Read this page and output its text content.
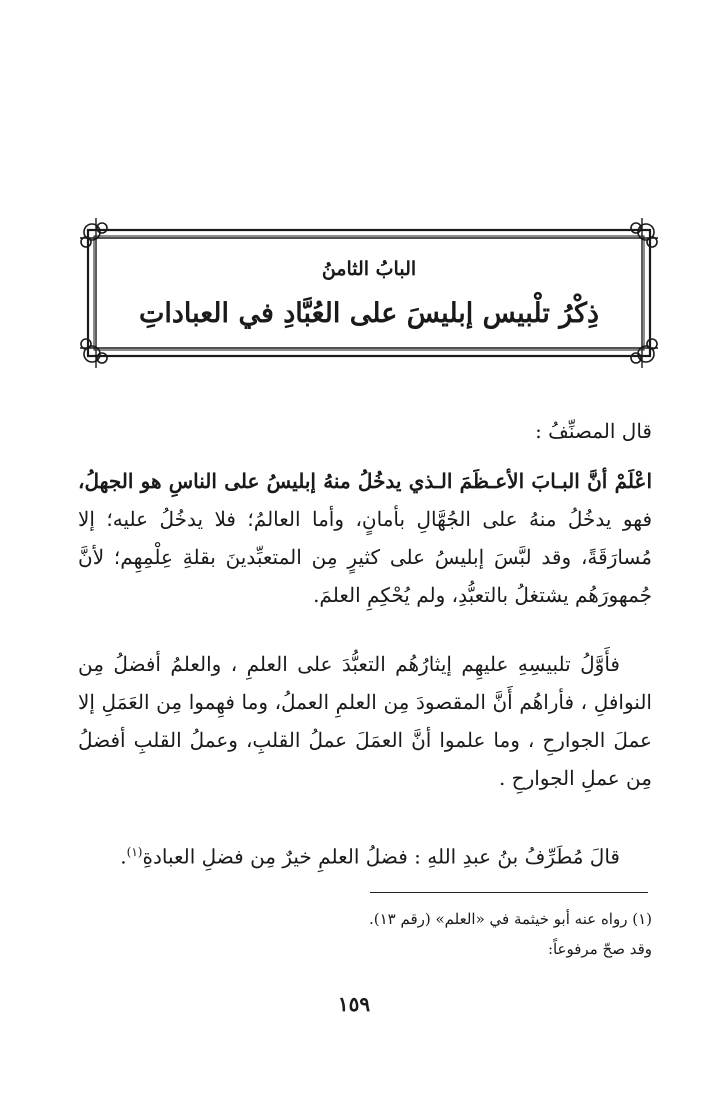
البابُ الثامنُ
ذِكْرُ تلْبيس إبليسَ على العُبَّادِ في العباداتِ
قال المصنِّفُ :

اعْلَمْ أنَّ البـابَ الأعـظَمَ الـذي يدخُلُ منهُ إبليسُ على الناسِ هو الجهلُ، فهو يدخُلُ منهُ على الجُهَّالِ بأمانٍ، وأما العالمُ؛ فلا يدخُلُ عليه؛ إلا مُسارَقَةً، وقد لبَّسَ إبليسُ على كثيرٍ مِن المتعبِّدينَ بقلةِ عِلْمِهِم؛ لأنَّ جُمهورَهُم يشتغلُ بالتعبُّدِ، ولم يُحْكِمِ العلمَ.

فأَوَّلُ تلبيسِهِ عليهِم إيثارُهُم التعبُّدَ على العلمِ ، والعلمُ أفضلُ مِن النوافلِ ، فأراهُم أَنَّ المقصودَ مِن العلمِ العملُ، وما فهِموا مِن العَمَلِ إلا عملَ الجوارحِ ، وما علموا أنَّ العمَلَ عملُ القلبِ، وعملُ القلبِ أفضلُ مِن عملِ الجوارحِ .

قالَ مُطَرِّفُ بنُ عبدِ اللهِ : فضلُ العلمِ خيرٌ مِن فضلِ العبادةِ$^{(١)}$.

(١) رواه عنه أبو خيثمة في «العلم» (رقم ١٣).
وقد صحّ مرفوعاً:
١٥٩
